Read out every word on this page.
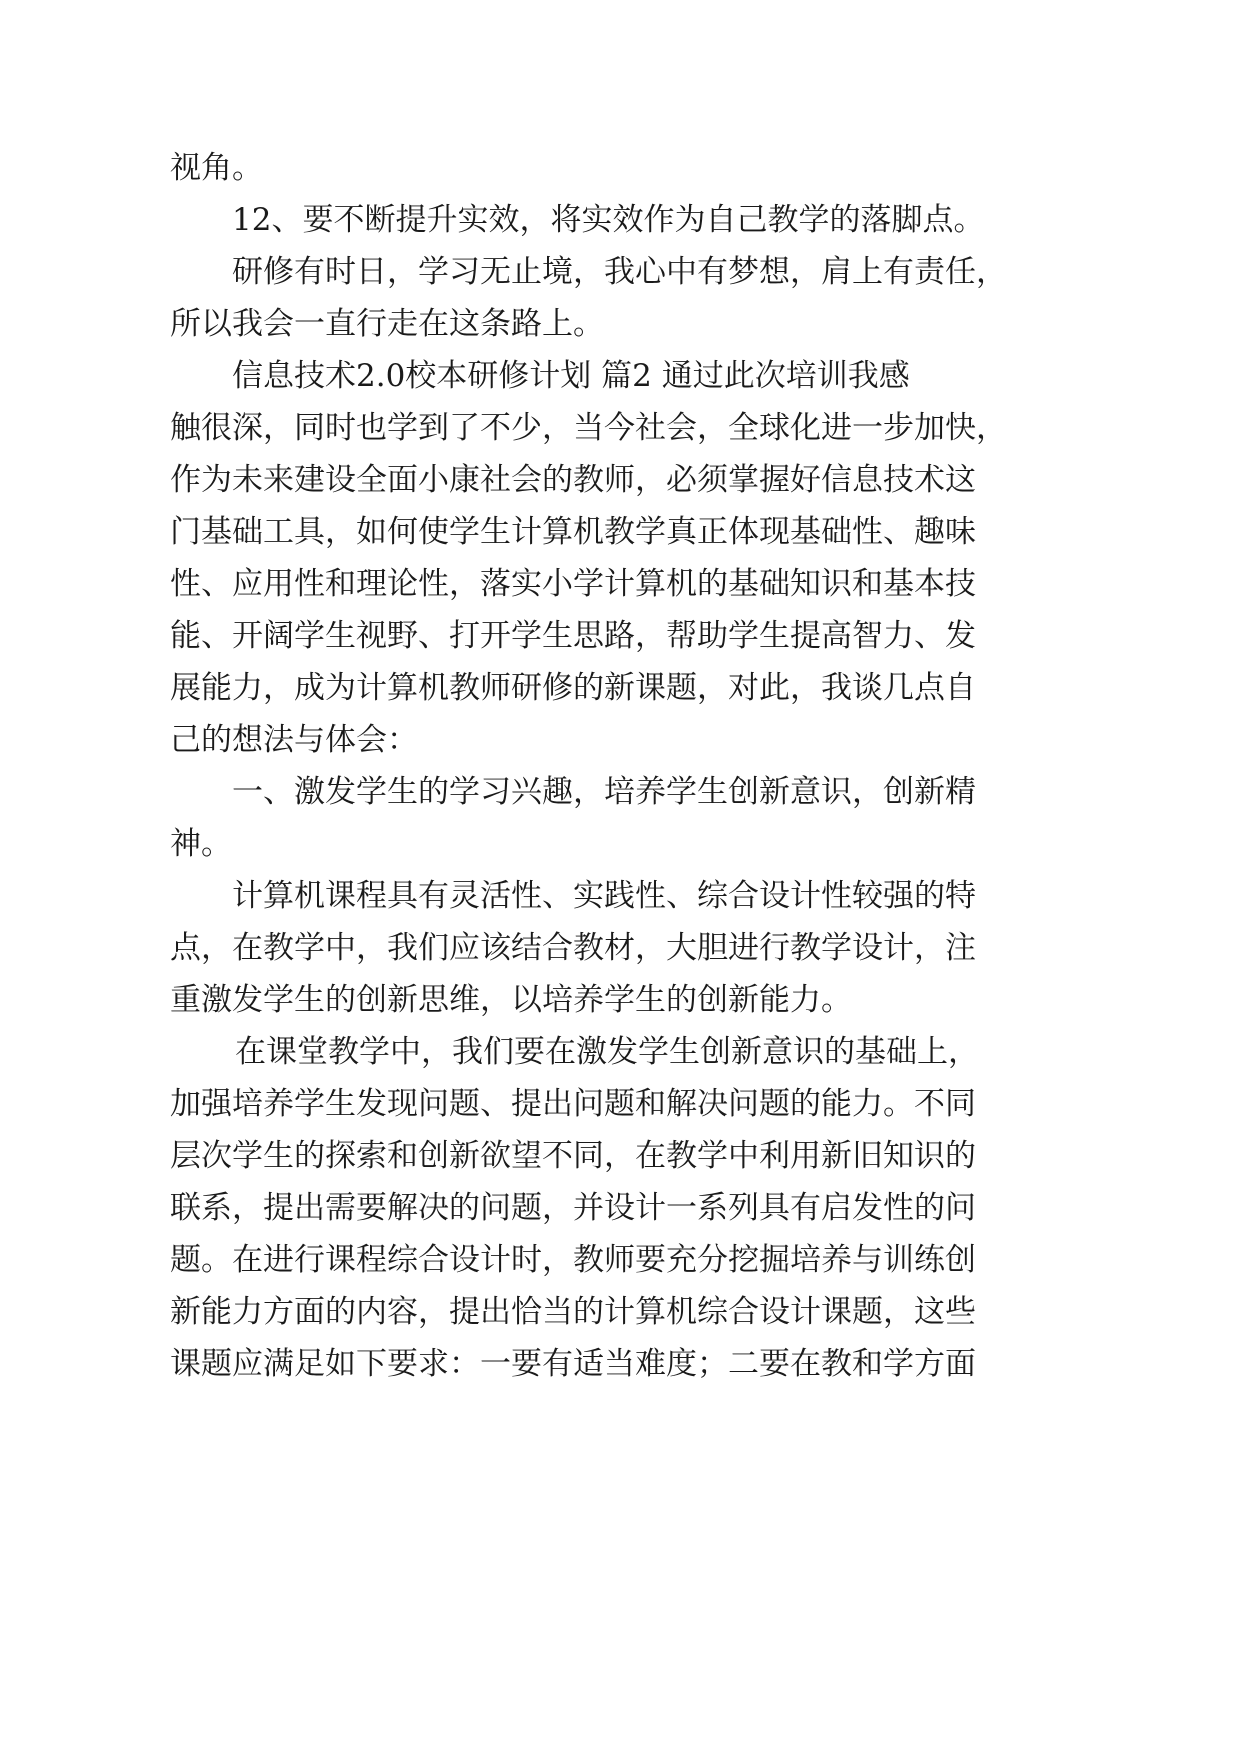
视角。
12、要不断提升实效，将实效作为自己教学的落脚点。
研修有时日，学习无止境，我心中有梦想，肩上有责任，
所以我会一直行走在这条路上。
信息技术2.0校本研修计划 篇2 通过此次培训我感
触很深，同时也学到了不少，当今社会，全球化进一步加快，
作为未来建设全面小康社会的教师，必须掌握好信息技术这
门基础工具，如何使学生计算机教学真正体现基础性、趣味
性、应用性和理论性，落实小学计算机的基础知识和基本技
能、开阔学生视野、打开学生思路，帮助学生提高智力、发
展能力，成为计算机教师研修的新课题，对此，我谈几点自
己的想法与体会：
一、激发学生的学习兴趣，培养学生创新意识，创新精
神。
计算机课程具有灵活性、实践性、综合设计性较强的特
点，在教学中，我们应该结合教材，大胆进行教学设计，注
重激发学生的创新思维，以培养学生的创新能力。
在课堂教学中，我们要在激发学生创新意识的基础上，
加强培养学生发现问题、提出问题和解决问题的能力。不同
层次学生的探索和创新欲望不同，在教学中利用新旧知识的
联系，提出需要解决的问题，并设计一系列具有启发性的问
题。在进行课程综合设计时，教师要充分挖掘培养与训练创
新能力方面的内容，提出恰当的计算机综合设计课题，这些
课题应满足如下要求：一要有适当难度；二要在教和学方面
